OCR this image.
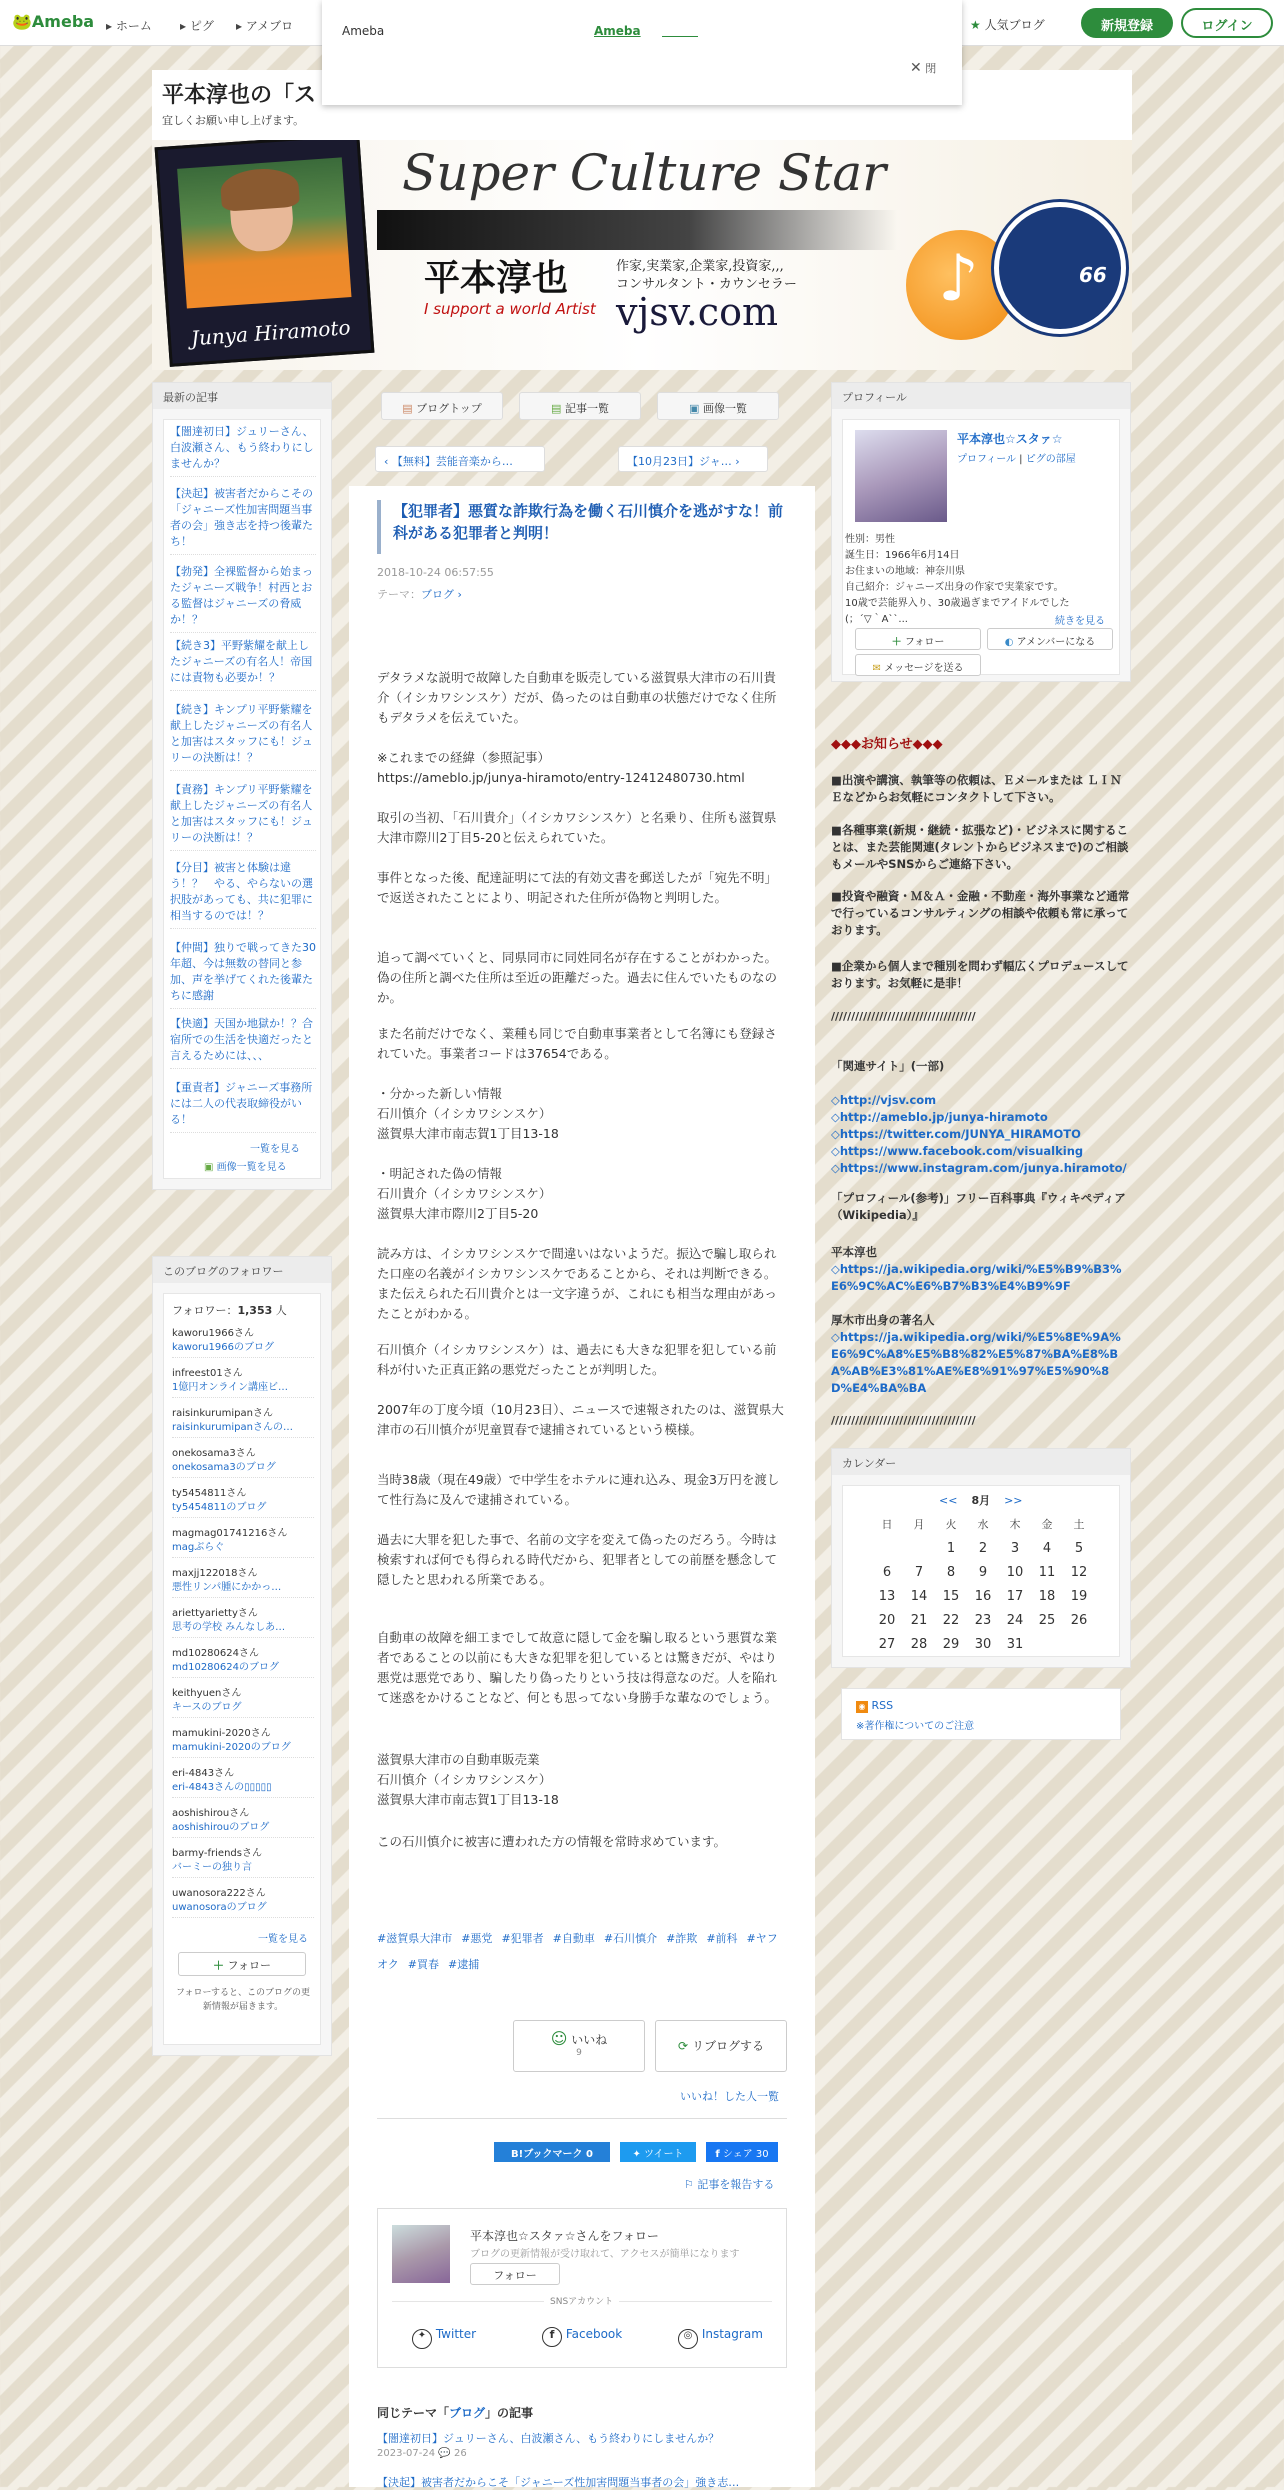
🐸Ameba ▸ ホーム ▸ ピグ ▸ アメブロ	★ 人気ブログ	新規登録	ログイン
Ameba	Ameba
✕ 閉
平本淳也の「ス
宜しくお願い申し上げます。
Junya Hiramoto
Super Culture Star
平本淳也	作家,実業家,企業家,投資家,,,
コンサルタント・カウンセラー
I support a world Artist vjsv.com	♪	66
最新の記事
【闇達初日】ジュリーさん、白波瀬さん、もう終わりにしませんか？
【決起】被害者だからこその「ジャニーズ性加害問題当事者の会」強き志を持つ後輩たち！
【勃発】全裸監督から始まったジャニーズ戦争！村西とおる監督はジャニーズの脅威か！？
【続き3】平野紫耀を献上したジャニーズの有名人！帝国には責物も必要か！？
【続き】キンプリ平野紫耀を献上したジャニーズの有名人と加害はスタッフにも！ジュリーの決断は！？
【責務】キンプリ平野紫耀を献上したジャニーズの有名人と加害はスタッフにも！ジュリーの決断は！？
【分目】被害と体験は違う！？　やる、やらないの選択肢があっても、共に犯罪に相当するのでは！？
【仲間】独りで戦ってきた30年超、今は無数の替同と参加、声を挙げてくれた後輩たちに感謝
【快適】天国か地獄か！？合宿所での生活を快適だったと言えるためには、、、
【重責者】ジャニーズ事務所には二人の代表取締役がいる！
一覧を見る
▣ 画像一覧を見る
このブログのフォロワー
フォロワー：1,353 人
kaworu1966さん
kaworu1966のブログ
infreest01さん
1億円オンライン講座ビ…
raisinkurumipanさん
raisinkurumipanさんの…
onekosama3さん
onekosama3のブログ
ty5454811さん
ty5454811のブログ
magmag01741216さん
magぶらぐ
maxjj122018さん
悪性リンパ腫にかかっ…
ariettyariettyさん
思考の学校 みんなしあ…
md10280624さん
md10280624のブログ
keithyuenさん
キースのブログ
mamukini-2020さん
mamukini-2020のブログ
eri-4843さん
eri-4843さんの▯▯▯▯▯
aoshishirouさん
aoshishirouのブログ
barmy-friendsさん
バーミーの独り言
uwanosora222さん
uwanosoraのブログ
一覧を見る
＋ フォロー
フォローすると、このブログの更新情報が届きます。
▤ ブログトップ	▤ 記事一覧	▣ 画像一覧
‹ 【無料】芸能音楽から…	【10月23日】ジャ… ›
【犯罪者】悪質な詐欺行為を働く石川慎介を逃がすな！前科がある犯罪者と判明！
2018-10-24 06:57:55
テーマ：ブログ ›
#滋賀県大津市 #悪党 #犯罪者 #自動車 #石川慎介 #詐欺 #前科 #ヤフオク #買春 #逮捕
☺ いいね
9	⟳ リブログする
いいね！した人一覧
B!ブックマーク 0	✦ ツイート	f シェア 30
⚐ 記事を報告する
平本淳也☆スタァ☆さんをフォロー
ブログの更新情報が受け取れて、アクセスが簡単になります
フォロー
SNSアカウント
✦ Twitter	f Facebook	◎ Instagram
同じテーマ「ブログ」の記事
【闇達初日】ジュリーさん、白波瀬さん、もう終わりにしませんか？
2023-07-24 💬 26
【決起】被害者だからこそ「ジャニーズ性加害問題当事者の会」強き志…
プロフィール
平本淳也☆スタァ☆
プロフィール | ピグの部屋
性別：男性
誕生日：1966年6月14日
お住まいの地域：神奈川県
自己紹介：ジャニーズ出身の作家で実業家です。
10歳で芸能界入り、30歳過ぎまでアイドルでした
(；´▽｀A``...	続きを見る
＋ フォロー	◐ アメンバーになる
✉ メッセージを送る
◆◆◆お知らせ◆◆◆
////////////////////////////////////
「関連サイト」(一部)
「プロフィール(参考)」フリー百科事典『ウィキペディア（Wikipedia）』
平本淳也
◇https://ja.wikipedia.org/wiki/%E5%B9%B3%E6%9C%AC%E6%B7%B3%E4%B9%9F
厚木市出身の著名人
◇https://ja.wikipedia.org/wiki/%E5%8E%9A%E6%9C%A8%E5%B8%82%E5%87%BA%E8%BA%AB%E3%81%AE%E8%91%97%E5%90%8D%E4%BA%BA
////////////////////////////////////
カレンダー
<< 8月 >>
日	月	火	水	木	金	土
		1	2	3	4	5
6	7	8	9	10	11	12
13	14	15	16	17	18	19
20	21	22	23	24	25	26
27	28	29	30	31		
◉ RSS
※著作権についてのご注意
デタラメな説明で故障した自動車を販売している滋賀県大津市の石川貴介（イシカワシンスケ）だが、偽ったのは自動車の状態だけでなく住所もデタラメを伝えていた。
※これまでの経緯（参照記事）
https://ameblo.jp/junya-hiramoto/entry-12412480730.html
取引の当初、「石川貴介」（イシカワシンスケ）と名乗り、住所も滋賀県大津市際川2丁目5-20と伝えられていた。
事件となった後、配達証明にて法的有効文書を郵送したが「宛先不明」で返送されたことにより、明記された住所が偽物と判明した。
追って調べていくと、同県同市に同姓同名が存在することがわかった。偽の住所と調べた住所は至近の距離だった。過去に住んでいたものなのか。
また名前だけでなく、業種も同じで自動車事業者として名簿にも登録されていた。事業者コードは37654である。
・分かった新しい情報
石川慎介（イシカワシンスケ）
滋賀県大津市南志賀1丁目13-18
・明記された偽の情報
石川貴介（イシカワシンスケ）
滋賀県大津市際川2丁目5-20
読み方は、イシカワシンスケで間違いはないようだ。振込で騙し取られた口座の名義がイシカワシンスケであることから、それは判断できる。また伝えられた石川貴介とは一文字違うが、これにも相当な理由があったことがわかる。
石川慎介（イシカワシンスケ）は、過去にも大きな犯罪を犯している前科が付いた正真正銘の悪党だったことが判明した。
2007年の丁度今頃（10月23日）、ニュースで速報されたのは、滋賀県大津市の石川慎介が児童買春で逮捕されているという模様。
当時38歳（現在49歳）で中学生をホテルに連れ込み、現金3万円を渡して性行為に及んで逮捕されている。
過去に大罪を犯した事で、名前の文字を変えて偽ったのだろう。今時は検索すれば何でも得られる時代だから、犯罪者としての前歴を懸念して隠したと思われる所業である。
自動車の故障を細工までして故意に隠して金を騙し取るという悪質な業者であることの以前にも大きな犯罪を犯しているとは驚きだが、やはり悪党は悪党であり、騙したり偽ったりという技は得意なのだ。人を陥れて迷惑をかけることなど、何とも思ってない身勝手な輩なのでしょう。
滋賀県大津市の自動車販売業
石川慎介（イシカワシンスケ）
滋賀県大津市南志賀1丁目13-18
この石川慎介に被害に遭われた方の情報を常時求めています。
■出演や講演、執筆等の依頼は、Ｅメールまたは ＬＩＮＥなどからお気軽にコンタクトして下さい。
■各種事業(新規・継続・拡張など)・ビジネスに関することは、また芸能関連(タレントからビジネスまで)のご相談もメールやSNSからご連絡下さい。
■投資や融資・Ｍ＆Ａ・金融・不動産・海外事業など通常で行っているコンサルティングの相談や依頼も常に承っております。
■企業から個人まで種別を問わず幅広くプロデュースしております。お気軽に是非！
◇http://vjsv.com
◇http://ameblo.jp/junya-hiramoto
◇https://twitter.com/JUNYA_HIRAMOTO
◇https://www.facebook.com/visualking
◇https://www.instagram.com/junya.hiramoto/
